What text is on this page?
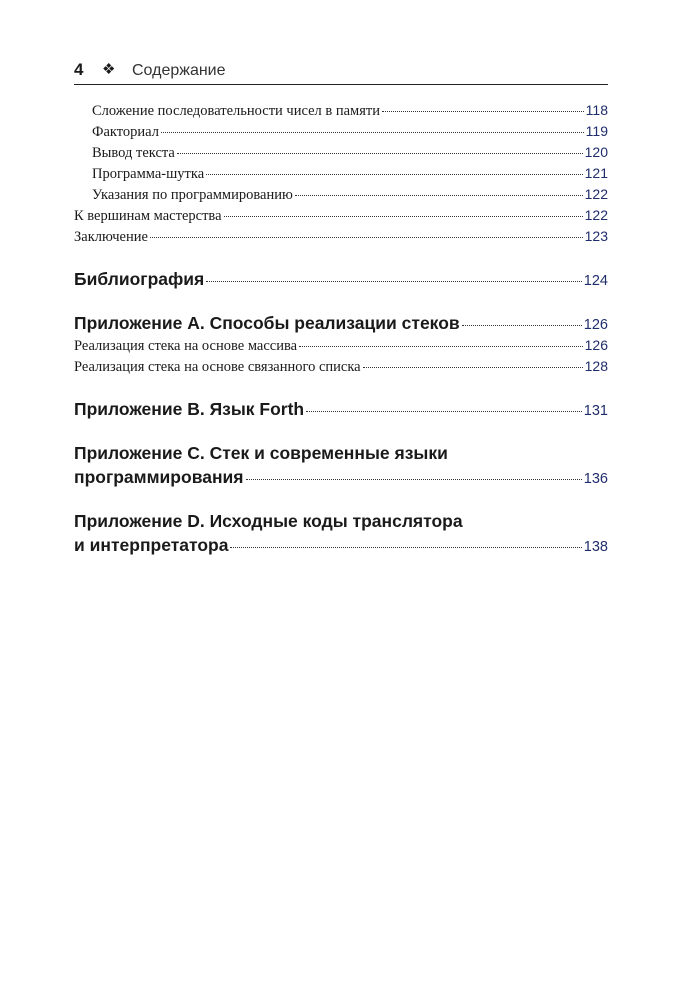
4 ❖ Содержание
Сложение последовательности чисел в памяти	118
Факториал	119
Вывод текста	120
Программа-шутка	121
Указания по программированию	122
К вершинам мастерства	122
Заключение	123
Библиография	124
Приложение А. Способы реализации стеков	126
Реализация стека на основе массива	126
Реализация стека на основе связанного списка	128
Приложение В. Язык Forth	131
Приложение С. Стек и современные языки
программирования	136
Приложение D. Исходные коды транслятора
и интерпретатора	138
